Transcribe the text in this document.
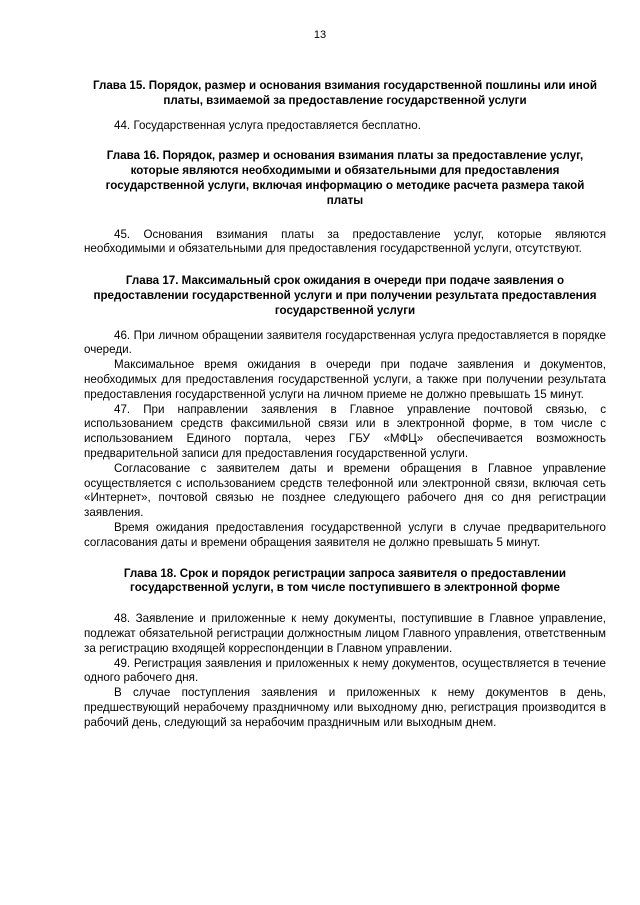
13
Глава 15. Порядок, размер и основания взимания государственной пошлины или иной платы, взимаемой за предоставление государственной услуги

44. Государственная услуга предоставляется бесплатно.

Глава 16. Порядок, размер и основания взимания платы за предоставление услуг, которые являются необходимыми и обязательными для предоставления государственной услуги, включая информацию о методике расчета размера такой платы

45. Основания взимания платы за предоставление услуг, которые являются необходимыми и обязательными для предоставления государственной услуги, отсутствуют.

Глава 17. Максимальный срок ожидания в очереди при подаче заявления о предоставлении государственной услуги и при получении результата предоставления государственной услуги

46. При личном обращении заявителя государственная услуга предоставляется в порядке очереди.

Максимальное время ожидания в очереди при подаче заявления и документов, необходимых для предоставления государственной услуги, а также при получении результата предоставления государственной услуги на личном приеме не должно превышать 15 минут.

47. При направлении заявления в Главное управление почтовой связью, с использованием средств факсимильной связи или в электронной форме, в том числе с использованием Единого портала, через ГБУ «МФЦ» обеспечивается возможность предварительной записи для предоставления государственной услуги.

Согласование с заявителем даты и времени обращения в Главное управление осуществляется с использованием средств телефонной или электронной связи, включая сеть «Интернет», почтовой связью не позднее следующего рабочего дня со дня регистрации заявления.

Время ожидания предоставления государственной услуги в случае предварительного согласования даты и времени обращения заявителя не должно превышать 5 минут.

Глава 18. Срок и порядок регистрации запроса заявителя о предоставлении государственной услуги, в том числе поступившего в электронной форме

48. Заявление и приложенные к нему документы, поступившие в Главное управление, подлежат обязательной регистрации должностным лицом Главного управления, ответственным за регистрацию входящей корреспонденции в Главном управлении.

49. Регистрация заявления и приложенных к нему документов, осуществляется в течение одного рабочего дня.

В случае поступления заявления и приложенных к нему документов в день, предшествующий нерабочему праздничному или выходному дню, регистрация производится в рабочий день, следующий за нерабочим праздничным или выходным днем.
